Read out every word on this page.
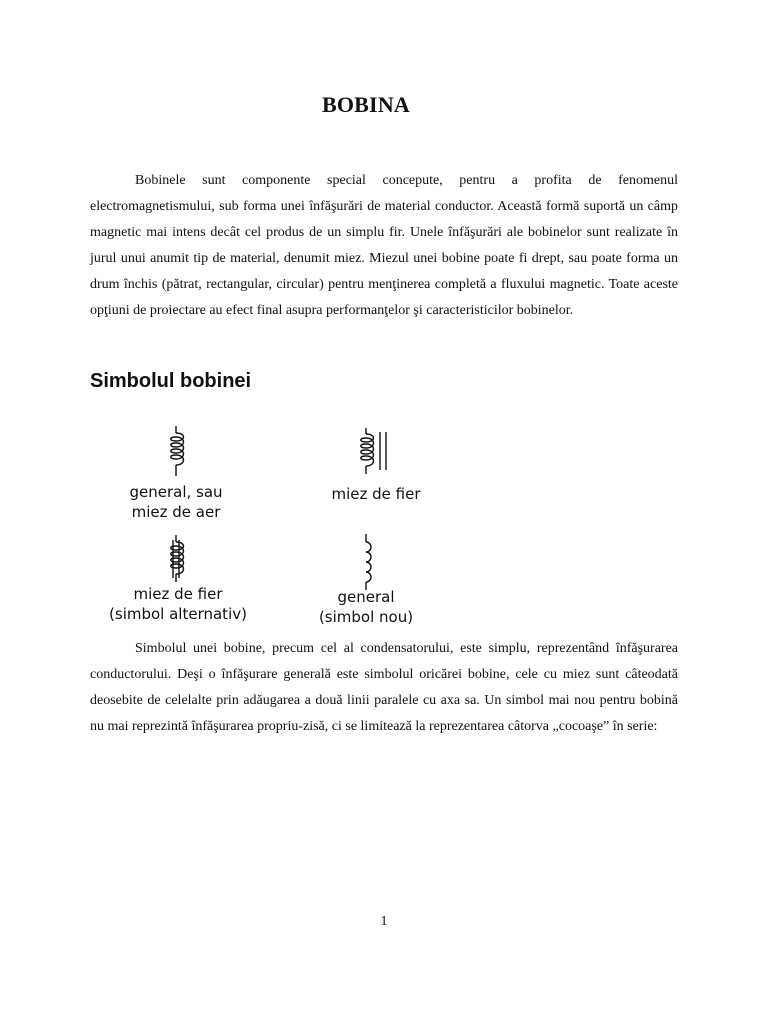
BOBINA

Bobinele sunt componente special concepute, pentru a profita de fenomenul electromagnetismului, sub forma unei înfăşurări de material conductor. Această formă suportă un câmp magnetic mai intens decât cel produs de un simplu fir. Unele înfăşurări ale bobinelor sunt realizate în jurul unui anumit tip de material, denumit miez. Miezul unei bobine poate fi drept, sau poate forma un drum închis (pătrat, rectangular, circular) pentru menţinerea completă a fluxului magnetic. Toate aceste opţiuni de proiectare au efect final asupra performanţelor şi caracteristicilor bobinelor.

Simbolul bobinei
general, sau
miez de aer
miez de fier
miez de fier
(simbol alternativ)
general
(simbol nou)

Simbolul unei bobine, precum cel al condensatorului, este simplu, reprezentând înfăşurarea conductorului. Deşi o înfăşurare generală este simbolul oricărei bobine, cele cu miez sunt câteodată deosebite de celelalte prin adăugarea a două linii paralele cu axa sa. Un simbol mai nou pentru bobină nu mai reprezintă înfăşurarea propriu-zisă, ci se limitează la reprezentarea câtorva „cocoaşe” în serie:

1
